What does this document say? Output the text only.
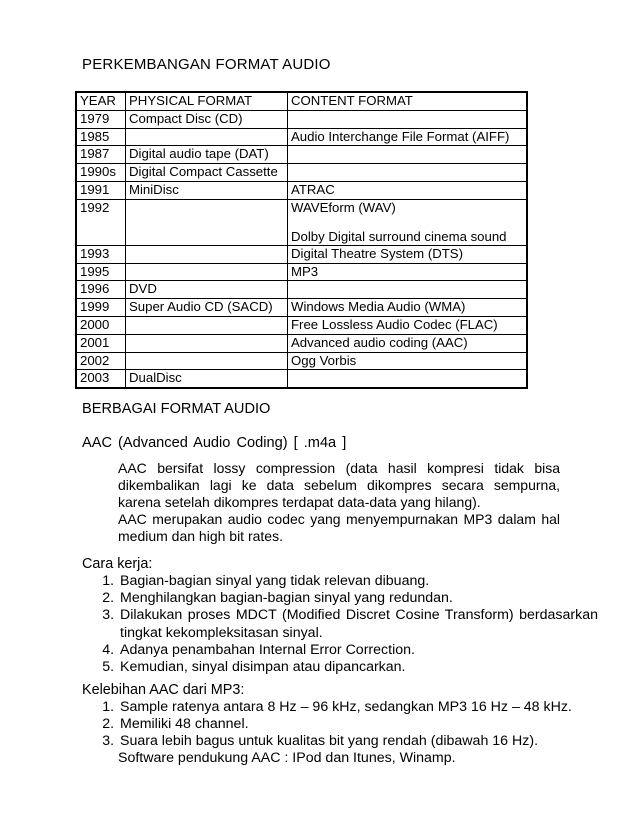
PERKEMBANGAN FORMAT AUDIO
YEAR	PHYSICAL FORMAT	CONTENT FORMAT
1979	Compact Disc (CD)	
1985		Audio Interchange File Format (AIFF)
1987	Digital audio tape (DAT)	
1990s	Digital Compact Cassette	
1991	MiniDisc	ATRAC
1992		WAVEform (WAV)
Dolby Digital surround cinema sound

1993		Digital Theatre System (DTS)
1995		MP3
1996	DVD	
1999	Super Audio CD (SACD)	Windows Media Audio (WMA)
2000		Free Lossless Audio Codec (FLAC)
2001		Advanced audio coding (AAC)
2002		Ogg Vorbis
2003	DualDisc	
BERBAGAI FORMAT AUDIO
AAC (Advanced Audio Coding) [ .m4a ]

AAC bersifat lossy compression (data hasil kompresi tidak bisa dikembalikan lagi ke data sebelum dikompres secara sempurna, karena setelah dikompres terdapat data-data yang hilang).

AAC merupakan audio codec yang menyempurnakan MP3 dalam hal medium dan high bit rates.

Cara kerja:
1. Bagian-bagian sinyal yang tidak relevan dibuang.
2. Menghilangkan bagian-bagian sinyal yang redundan.
3. Dilakukan proses MDCT (Modified Discret Cosine Transform) berdasarkan tingkat kekompleksitasan sinyal.
4. Adanya penambahan Internal Error Correction.
5. Kemudian, sinyal disimpan atau dipancarkan.
Kelebihan AAC dari MP3:
1. Sample ratenya antara 8 Hz – 96 kHz, sedangkan MP3 16 Hz – 48 kHz.
2. Memiliki 48 channel.
3. Suara lebih bagus untuk kualitas bit yang rendah (dibawah 16 Hz).
Software pendukung AAC : IPod dan Itunes, Winamp.
